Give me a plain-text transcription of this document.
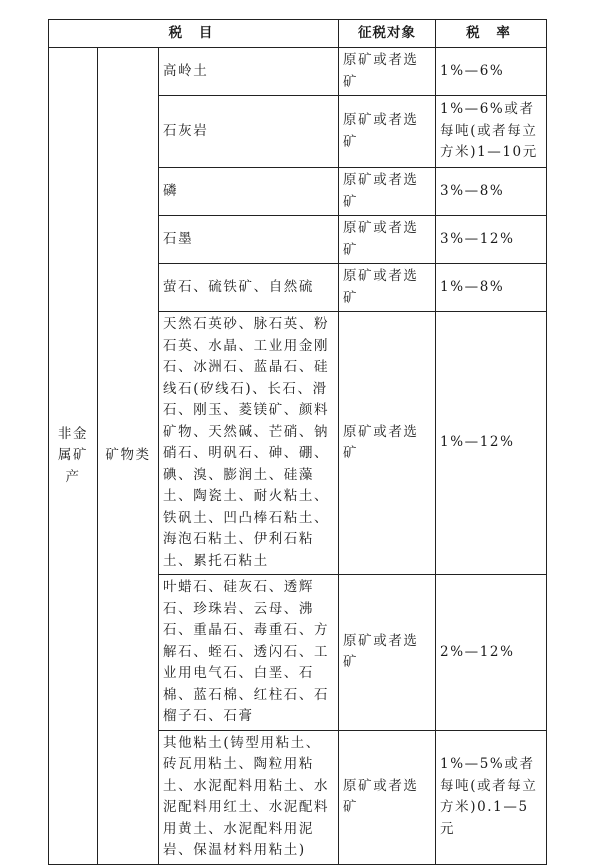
税 目			征税对象	税 率
非金属矿产	矿物类	高岭土	原矿或者选矿	1%—6%
		石灰岩	原矿或者选矿	1%—6%或者每吨(或者每立方米)1—10元
		磷	原矿或者选矿	3%—8%
		石墨	原矿或者选矿	3%—12%
		萤石、硫铁矿、自然硫	原矿或者选矿	1%—8%
		天然石英砂、脉石英、粉石英、水晶、工业用金刚石、冰洲石、蓝晶石、硅线石(矽线石)、长石、滑石、刚玉、菱镁矿、颜料矿物、天然碱、芒硝、钠硝石、明矾石、砷、硼、碘、溴、膨润土、硅藻土、陶瓷土、耐火粘土、铁矾土、凹凸棒石粘土、海泡石粘土、伊利石粘土、累托石粘土	原矿或者选矿	1%—12%
		叶蜡石、硅灰石、透辉石、珍珠岩、云母、沸石、重晶石、毒重石、方解石、蛭石、透闪石、工业用电气石、白垩、石棉、蓝石棉、红柱石、石榴子石、石膏	原矿或者选矿	2%—12%
		其他粘土(铸型用粘土、砖瓦用粘土、陶粒用粘土、水泥配料用粘土、水泥配料用红土、水泥配料用黄土、水泥配料用泥岩、保温材料用粘土)	原矿或者选矿	1%—5%或者每吨(或者每立方米)0.1—5元
